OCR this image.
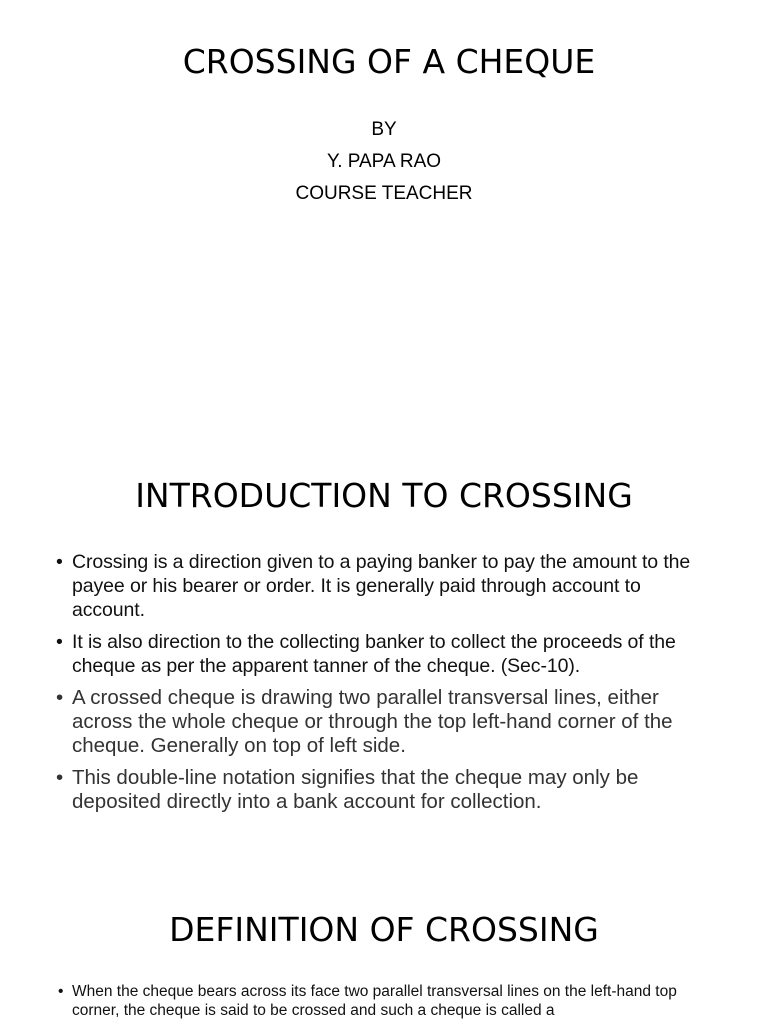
CROSSING OF A CHEQUE
BY
Y. PAPA RAO
COURSE TEACHER
INTRODUCTION TO CROSSING
• Crossing is a direction given to a paying banker to pay the amount to the payee or his bearer or order. It is generally paid through account to account.
• It is also direction to the collecting banker to collect the proceeds of the cheque as per the apparent tanner of the cheque. (Sec-10).
• A crossed cheque is drawing two parallel transversal lines, either across the whole cheque or through the top left-hand corner of the cheque. Generally on top of left side.
• This double-line notation signifies that the cheque may only be deposited directly into a bank account for collection.
DEFINITION OF CROSSING
• When the cheque bears across its face two parallel transversal lines on the left-hand top corner, the cheque is said to be crossed and such a cheque is called a
